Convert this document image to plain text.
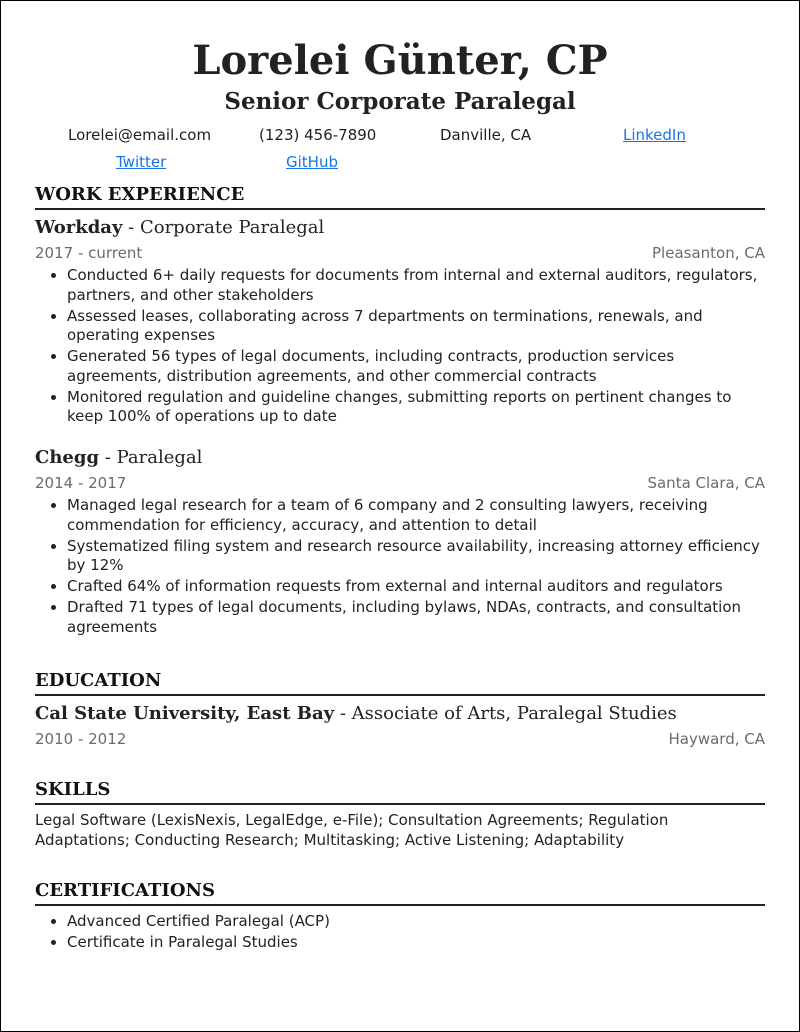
Lorelei Günter, CP
Senior Corporate Paralegal
Lorelei@email.com	(123) 456-7890	Danville, CA	LinkedIn
Twitter	GitHub
WORK EXPERIENCE
Workday - Corporate Paralegal
2017 - current	Pleasanton, CA
• Conducted 6+ daily requests for documents from internal and external auditors, regulators, partners, and other stakeholders
• Assessed leases, collaborating across 7 departments on terminations, renewals, and operating expenses
• Generated 56 types of legal documents, including contracts, production services agreements, distribution agreements, and other commercial contracts
• Monitored regulation and guideline changes, submitting reports on pertinent changes to keep 100% of operations up to date
Chegg - Paralegal
2014 - 2017	Santa Clara, CA
• Managed legal research for a team of 6 company and 2 consulting lawyers, receiving commendation for efficiency, accuracy, and attention to detail
• Systematized filing system and research resource availability, increasing attorney efficiency by 12%
• Crafted 64% of information requests from external and internal auditors and regulators
• Drafted 71 types of legal documents, including bylaws, NDAs, contracts, and consultation agreements
EDUCATION
Cal State University, East Bay - Associate of Arts, Paralegal Studies
2010 - 2012	Hayward, CA
SKILLS
Legal Software (LexisNexis, LegalEdge, e-File); Consultation Agreements; Regulation Adaptations; Conducting Research; Multitasking; Active Listening; Adaptability
CERTIFICATIONS
• Advanced Certified Paralegal (ACP)
• Certificate in Paralegal Studies
